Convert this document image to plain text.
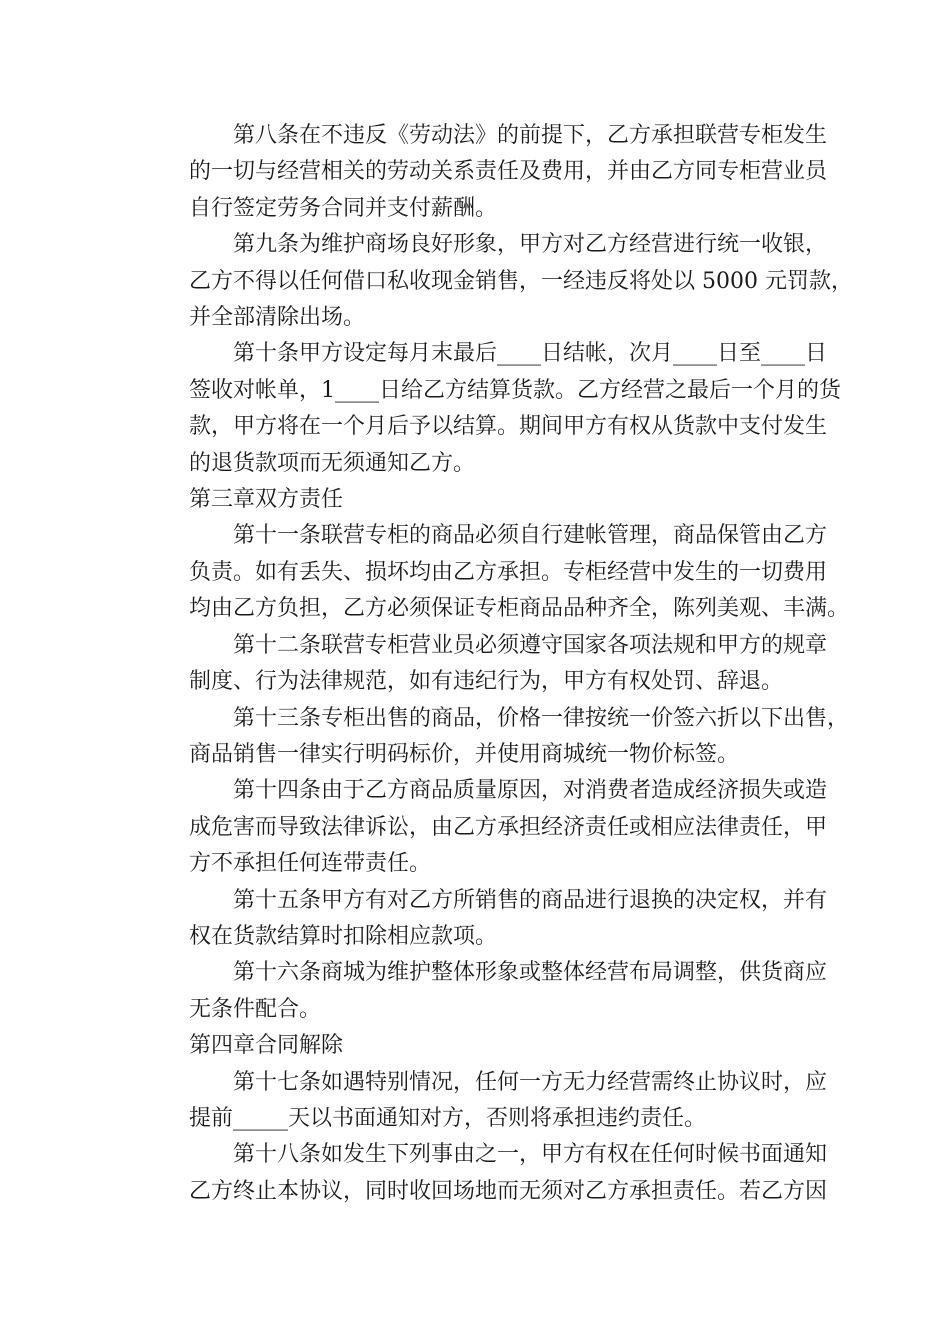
第八条在不违反《劳动法》的前提下，乙方承担联营专柜发生
的一切与经营相关的劳动关系责任及费用，并由乙方同专柜营业员
自行签定劳务合同并支付薪酬。
第九条为维护商场良好形象，甲方对乙方经营进行统一收银，
乙方不得以任何借口私收现金销售，一经违反将处以 5000 元罚款，
并全部清除出场。
第十条甲方设定每月末最后____日结帐，次月____日至____日
签收对帐单，1____日给乙方结算货款。乙方经营之最后一个月的货
款，甲方将在一个月后予以结算。期间甲方有权从货款中支付发生
的退货款项而无须通知乙方。
第三章双方责任
第十一条联营专柜的商品必须自行建帐管理，商品保管由乙方
负责。如有丢失、损坏均由乙方承担。专柜经营中发生的一切费用
均由乙方负担，乙方必须保证专柜商品品种齐全，陈列美观、丰满。
第十二条联营专柜营业员必须遵守国家各项法规和甲方的规章
制度、行为法律规范，如有违纪行为，甲方有权处罚、辞退。
第十三条专柜出售的商品，价格一律按统一价签六折以下出售，
商品销售一律实行明码标价，并使用商城统一物价标签。
第十四条由于乙方商品质量原因，对消费者造成经济损失或造
成危害而导致法律诉讼，由乙方承担经济责任或相应法律责任，甲
方不承担任何连带责任。
第十五条甲方有对乙方所销售的商品进行退换的决定权，并有
权在货款结算时扣除相应款项。
第十六条商城为维护整体形象或整体经营布局调整，供货商应
无条件配合。
第四章合同解除
第十七条如遇特别情况，任何一方无力经营需终止协议时，应
提前_____天以书面通知对方，否则将承担违约责任。
第十八条如发生下列事由之一，甲方有权在任何时候书面通知
乙方终止本协议，同时收回场地而无须对乙方承担责任。若乙方因
